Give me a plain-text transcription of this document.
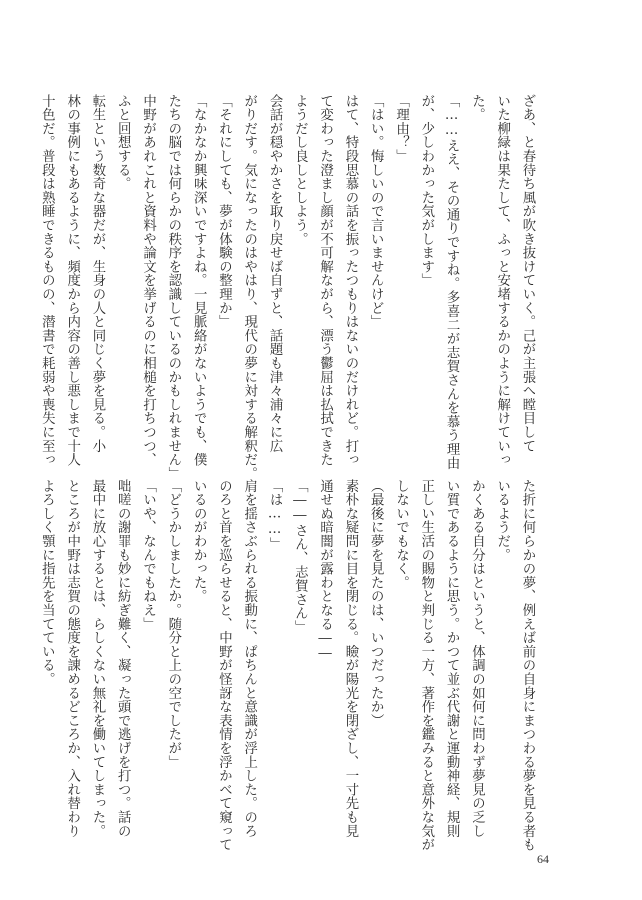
ざあ、と春待ち風が吹き抜けていく。己が主張へ瞠目して
いた柳緑は果たして、ふっと安堵するかのように解けていっ
た。
「……ええ、その通りですね。多喜二が志賀さんを慕う理由
が、少しわかった気がします」
「理由？」
「はい。悔しいので言いませんけど」
はて、特段思慕の話を振ったつもりはないのだけれど。打っ
て変わった澄まし顔が不可解ながら、漂う鬱屈は払拭できた
ようだし良しとしよう。
会話が穏やかさを取り戻せば自ずと、話題も津々浦々に広
がりだす。気になったのはやはり、現代の夢に対する解釈だ。
「それにしても、夢が体験の整理か」
「なかなか興味深いですよね。一見脈絡がないようでも、僕
たちの脳では何らかの秩序を認識しているのかもしれません」
中野があれこれと資料や論文を挙げるのに相槌を打ちつつ、
ふと回想する。
転生という数奇な器だが、生身の人と同じく夢を見る。小
林の事例にもあるように、頻度から内容の善し悪しまで十人
十色だ。普段は熟睡できるものの、潜書で耗弱や喪失に至っ
た折に何らかの夢、例えば前の自身にまつわる夢を見る者も
いるようだ。
かくある自分はというと、体調の如何に問わず夢見の乏し
い質であるように思う。かつて並ぶ代謝と運動神経、規則
正しい生活の賜物と判じる一方、著作を鑑みると意外な気が
しないでもなく。
（最後に夢を見たのは、いつだったか）
素朴な疑問に目を閉じる。瞼が陽光を閉ざし、一寸先も見
通せぬ暗闇が露わとなる――
「――さん、志賀さん」
「は……」
肩を揺さぶられる振動に、ぱちんと意識が浮上した。のろ
のろと首を巡らせると、中野が怪訝な表情を浮かべて窺って
いるのがわかった。
「どうかしましたか。随分と上の空でしたが」
「いや、なんでもねえ」
咄嗟の謝罪も妙に紡ぎ難く、凝った頭で逃げを打つ。話の
最中に放心するとは、らしくない無礼を働いてしまった。
ところが中野は志賀の態度を諌めるどころか、入れ替わり
よろしく顎に指先を当てている。
64
